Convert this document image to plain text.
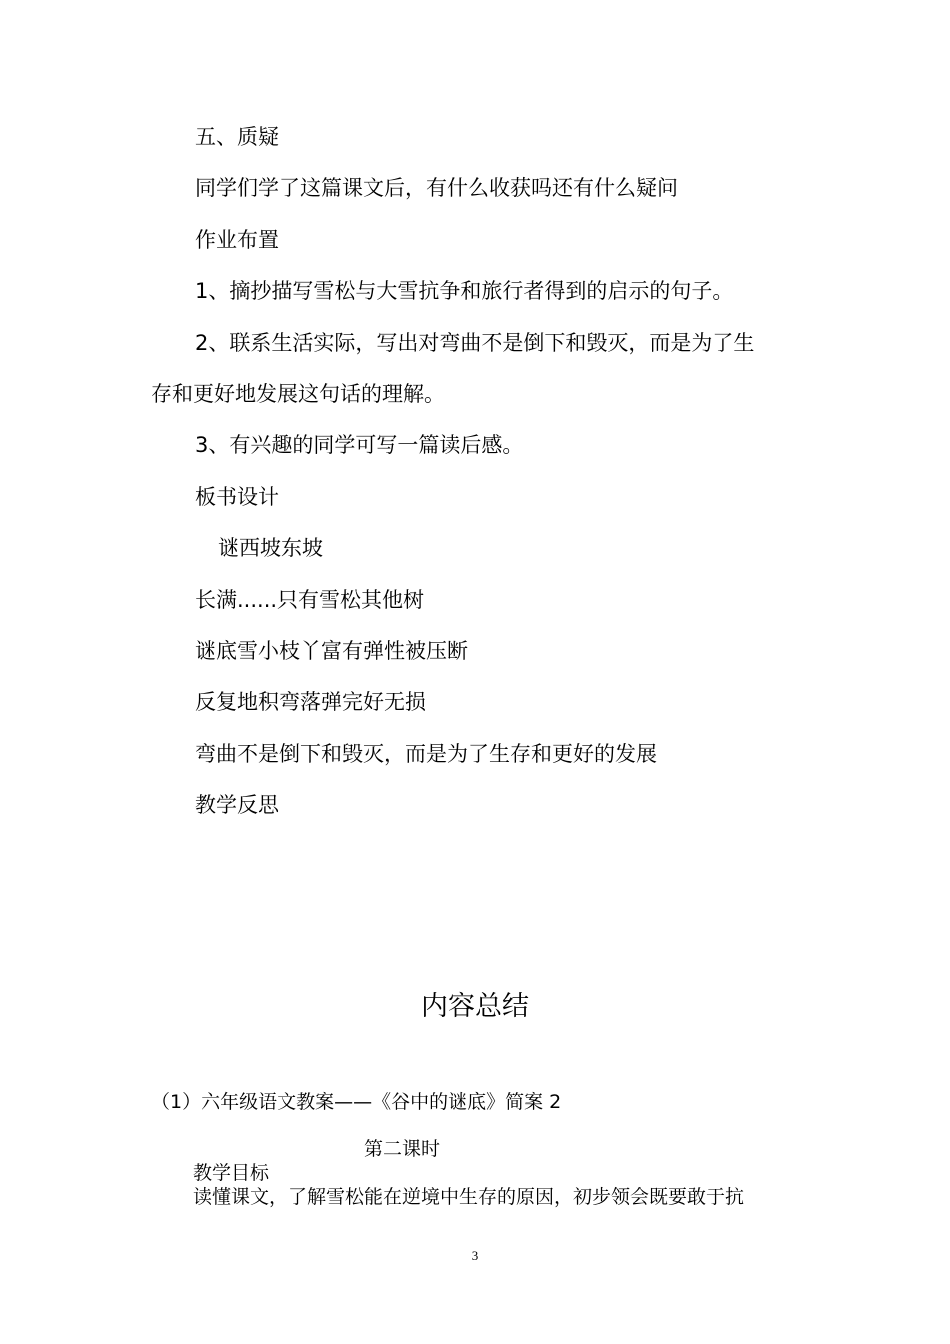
五、质疑
同学们学了这篇课文后，有什么收获吗还有什么疑问
作业布置
1、摘抄描写雪松与大雪抗争和旅行者得到的启示的句子。
2、联系生活实际，写出对弯曲不是倒下和毁灭，而是为了生
存和更好地发展这句话的理解。
3、有兴趣的同学可写一篇读后感。
板书设计
谜西坡东坡
长满......只有雪松其他树
谜底雪小枝丫富有弹性被压断
反复地积弯落弹完好无损
弯曲不是倒下和毁灭，而是为了生存和更好的发展
教学反思
内容总结
（1）六年级语文教案——《谷中的谜底》简案 2
第二课时
教学目标
读懂课文，了解雪松能在逆境中生存的原因，初步领会既要敢于抗
3
